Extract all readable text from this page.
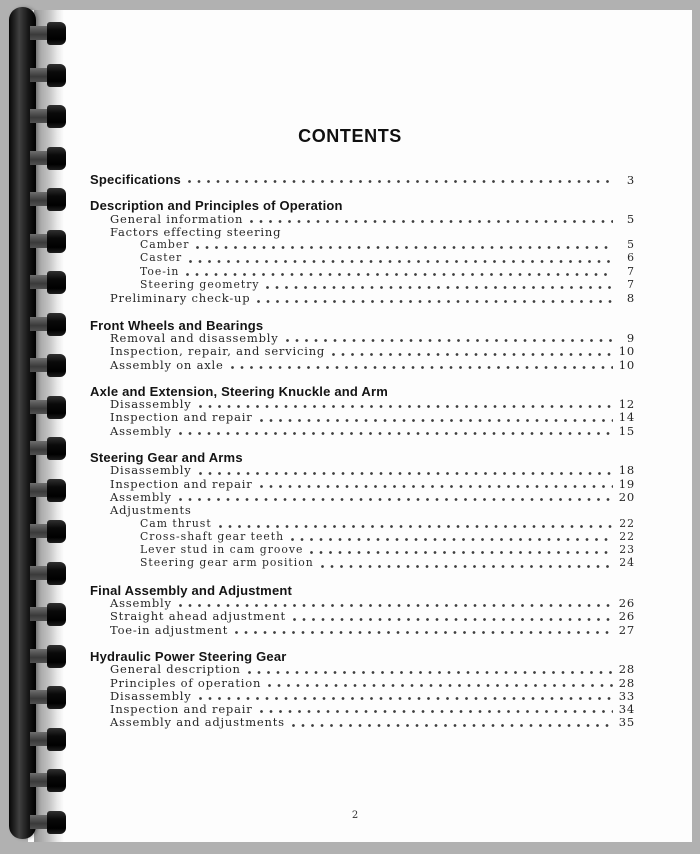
CONTENTS
Specifications	3
Description and Principles of Operation
General information	5
Factors effecting steering
Camber	5
Caster	6
Toe-in	7
Steering geometry	7
Preliminary check-up	8
Front Wheels and Bearings
Removal and disassembly	9
Inspection, repair, and servicing	10
Assembly on axle	10
Axle and Extension, Steering Knuckle and Arm
Disassembly	12
Inspection and repair	14
Assembly	15
Steering Gear and Arms
Disassembly	18
Inspection and repair	19
Assembly	20
Adjustments
Cam thrust	22
Cross-shaft gear teeth	22
Lever stud in cam groove	23
Steering gear arm position	24
Final Assembly and Adjustment
Assembly	26
Straight ahead adjustment	26
Toe-in adjustment	27
Hydraulic Power Steering Gear
General description	28
Principles of operation	28
Disassembly	33
Inspection and repair	34
Assembly and adjustments	35
2
